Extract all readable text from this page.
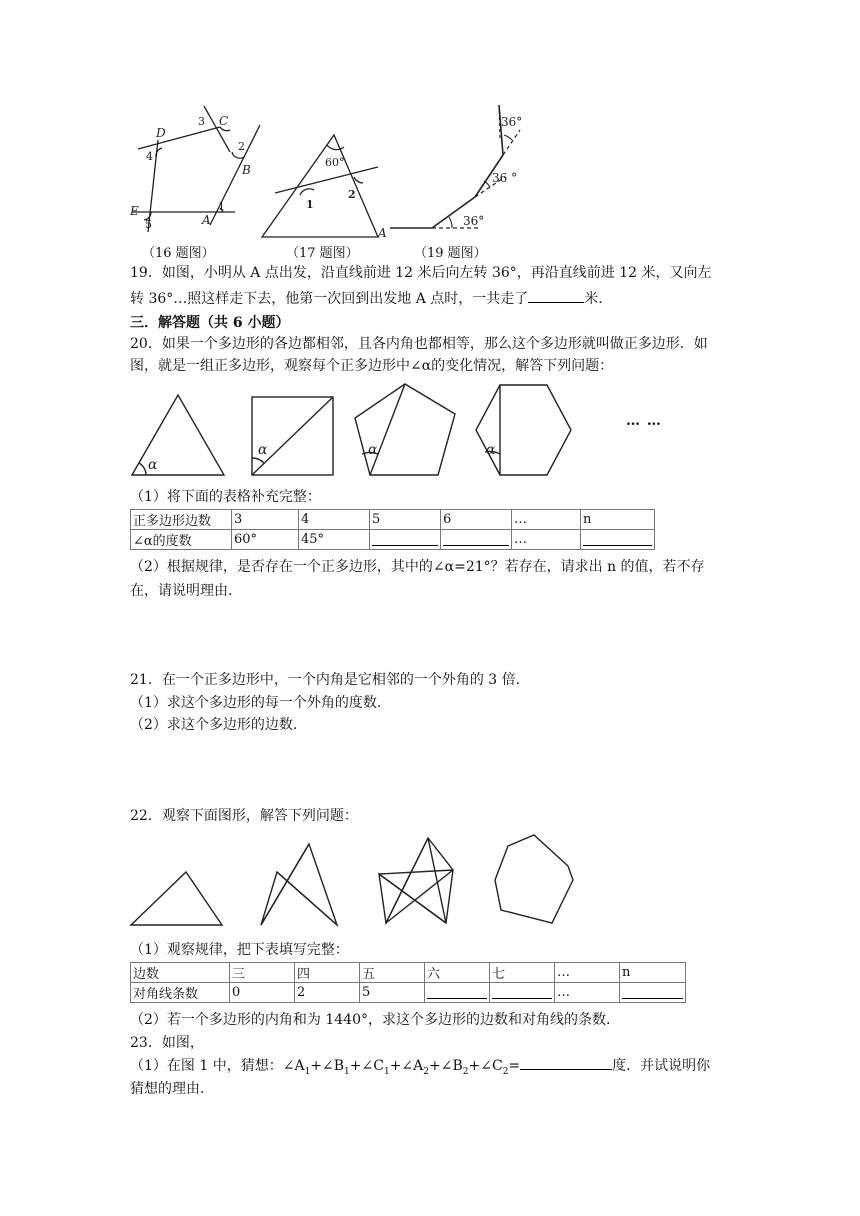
D
3 C
4
2
B
E	1
A
5
60°
1
2
A
36°
36 °
36°
（16 题图）	（17 题图）	（19 题图）
19．如图，小明从 A 点出发，沿直线前进 12 米后向左转 36°，再沿直线前进 12 米，又向左
转 36°…照这样走下去，他第一次回到出发地 A 点时，一共走了	米.
三．解答题（共 6 小题）
20．如果一个多边形的各边都相邻，且各内角也都相等，那么这个多边形就叫做正多边形．如
图，就是一组正多边形，观察每个正多边形中∠α的变化情况，解答下列问题：
α
α	α	α
… …
（1）将下面的表格补充完整：
正多边形边数	3	4	5	6	…	n
∠α的度数	60°	45°			…	
（2）根据规律，是否存在一个正多边形，其中的∠α=21°？若存在，请求出 n 的值，若不存
在，请说明理由.
21．在一个正多边形中，一个内角是它相邻的一个外角的 3 倍.
（1）求这个多边形的每一个外角的度数.
（2）求这个多边形的边数.
22．观察下面图形，解答下列问题：
（1）观察规律，把下表填写完整：
边数	三	四	五	六	七	…	n
对角线条数	0	2	5			…	
（2）若一个多边形的内角和为 1440°，求这个多边形的边数和对角线的条数.
23．如图，
（1）在图 1 中，猜想：$\angle A_1+\angle B_1+\angle C_1+\angle A_2+\angle B_2+\angle C_2=$	度．并试说明你
猜想的理由.
